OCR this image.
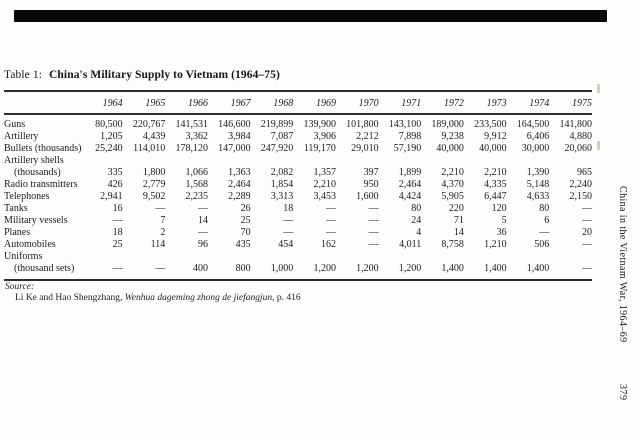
Table 1: China's Military Supply to Vietnam (1964–75)
	1964	1965	1966	1967	1968	1969	1970	1971	1972	1973	1974	1975
Guns	80,500	220,767	141,531	146,600	219,899	139,900	101,800	143,100	189,000	233,500	164,500	141,800
Artillery	1,205	4,439	3,362	3,984	7,087	3,906	2,212	7,898	9,238	9,912	6,406	4,880
Bullets (thousands)	25,240	114,010	178,120	147,000	247,920	119,170	29,010	57,190	40,000	40,000	30,000	20,060
Artillery shells												
(thousands)	335	1,800	1,066	1,363	2,082	1,357	397	1,899	2,210	2,210	1,390	965
Radio transmitters	426	2,779	1,568	2,464	1,854	2,210	950	2,464	4,370	4,335	5,148	2,240
Telephones	2,941	9,502	2,235	2,289	3,313	3,453	1,600	4,424	5,905	6,447	4,633	2,150
Tanks	16	—	—	26	18	—	—	80	220	120	80	—
Military vessels	—	7	14	25	—	—	—	24	71	5	6	—
Planes	18	2	—	70	—	—	—	4	14	36	—	20
Automobiles	25	114	96	435	454	162	—	4,011	8,758	1,210	506	—
Uniforms												
(thousand sets)	—	—	400	800	1,000	1,200	1,200	1,200	1,400	1,400	1,400	—
Source:
Li Ke and Hao Shengzhang, Wenhua dageming zhong de jiefangjun, p. 416	China in the Vietnam War, 1964–69
379
